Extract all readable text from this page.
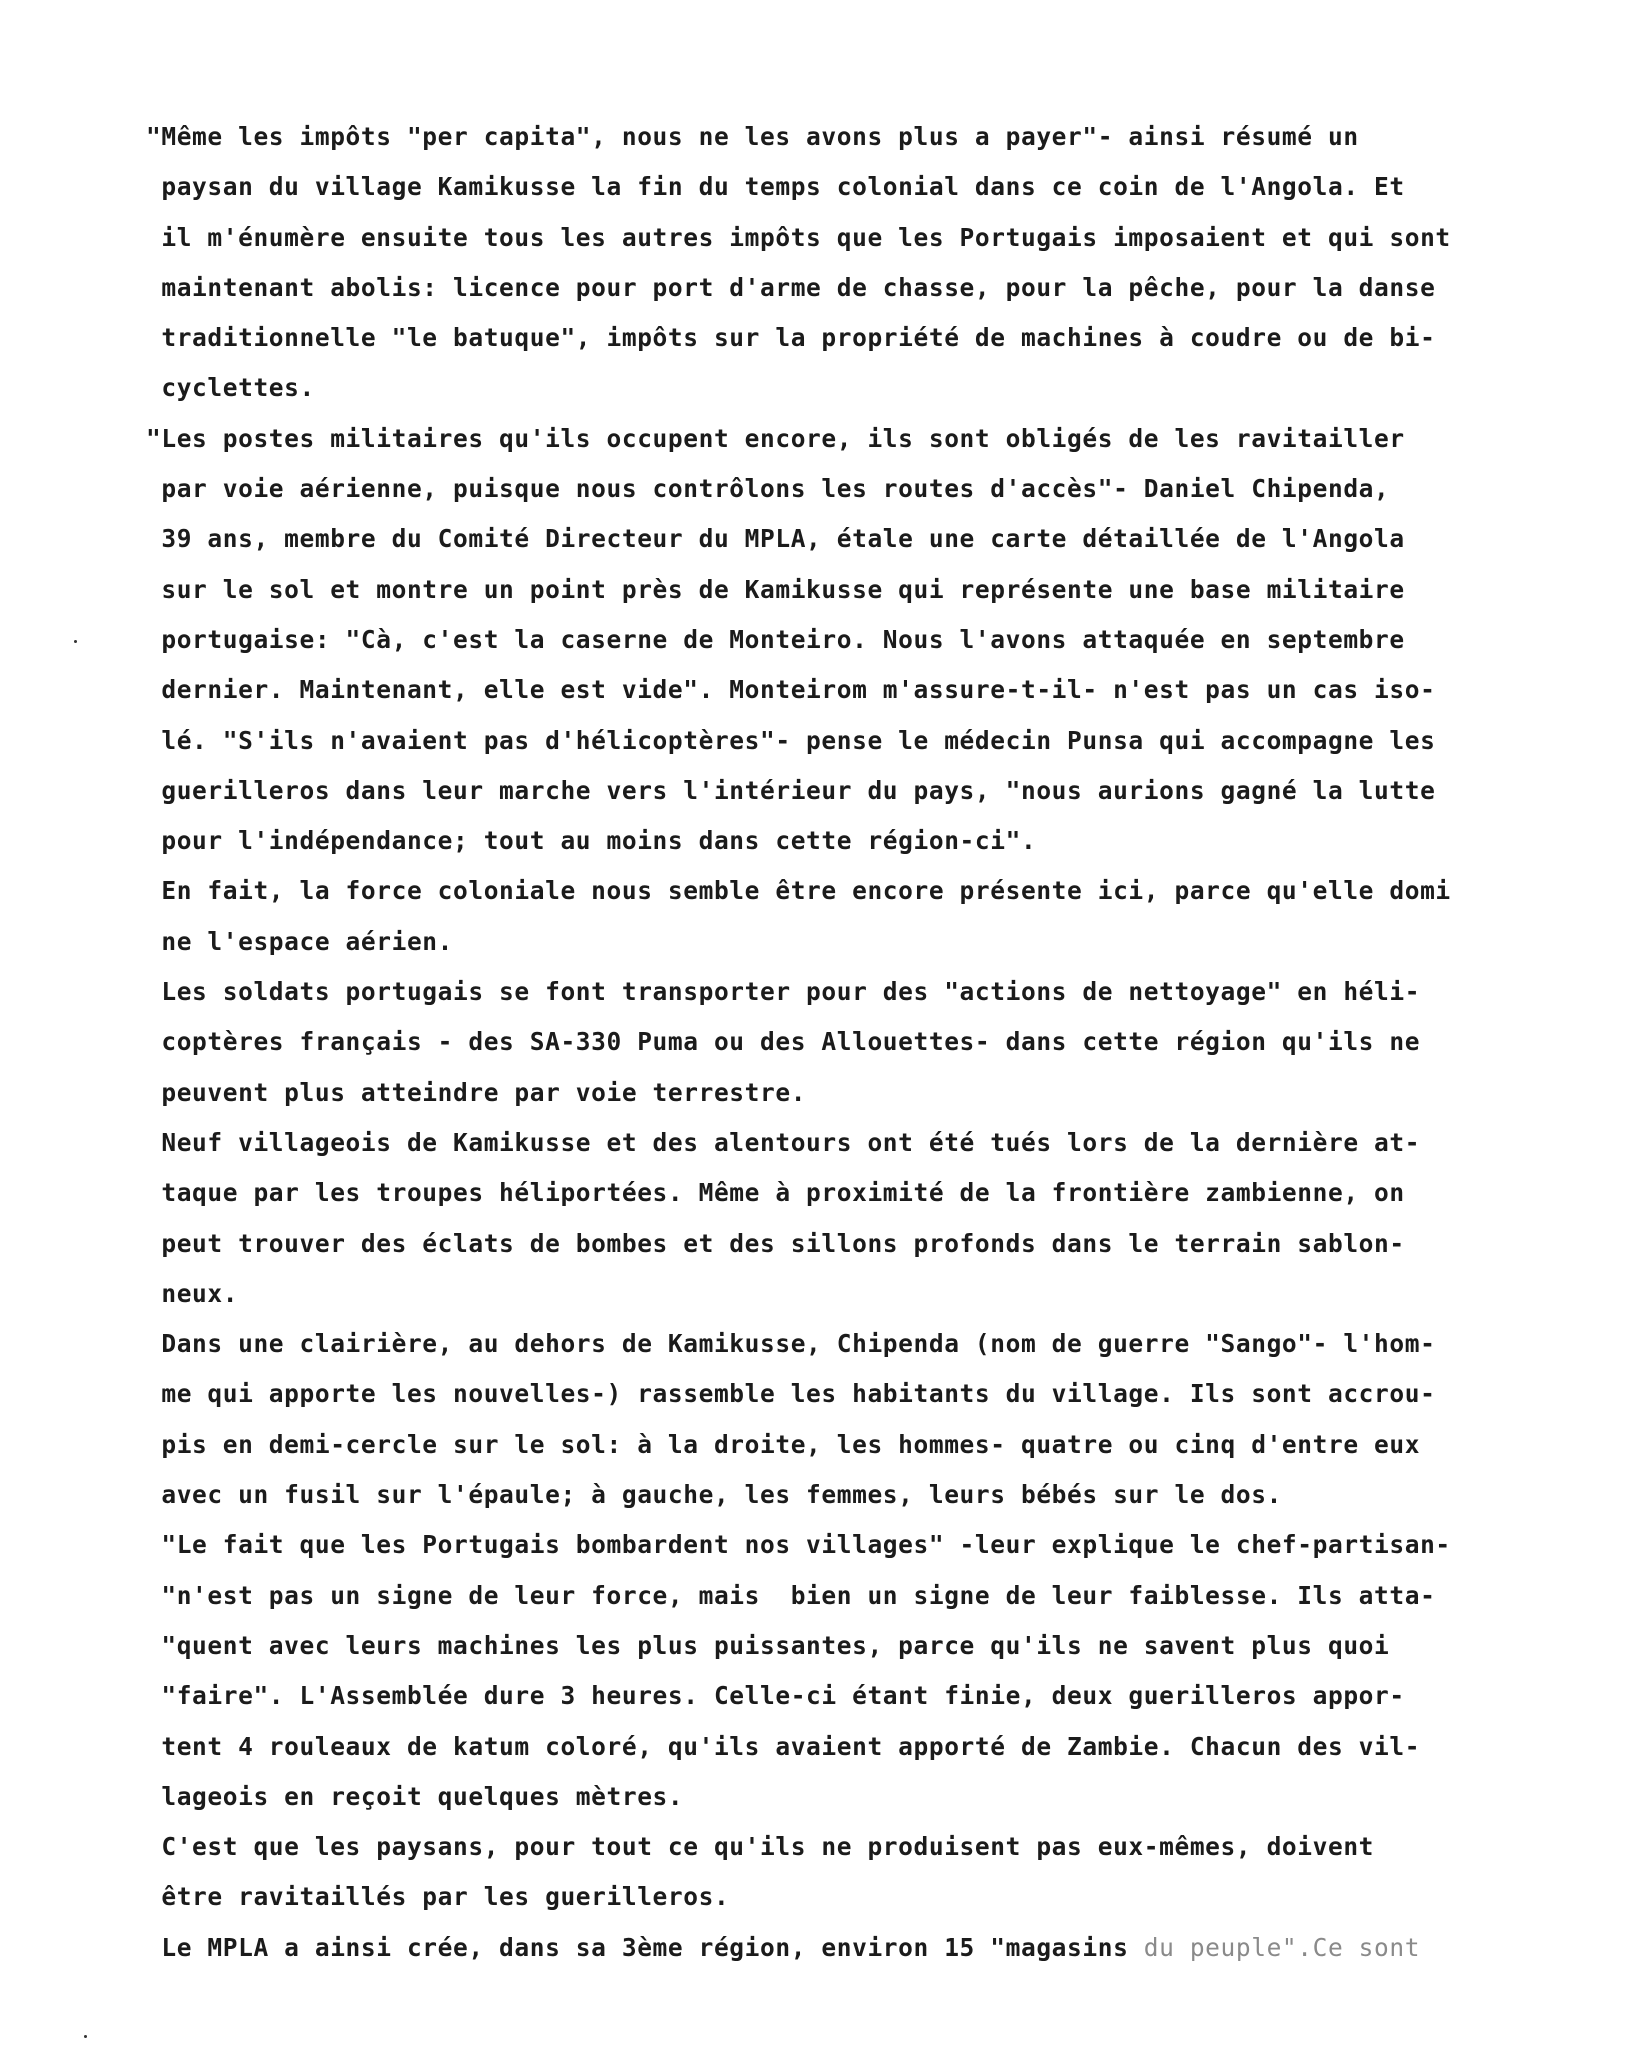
"Même les impôts "per capita", nous ne les avons plus a payer"- ainsi résumé un
paysan du village Kamikusse la fin du temps colonial dans ce coin de l'Angola. Et
il m'énumère ensuite tous les autres impôts que les Portugais imposaient et qui sont
maintenant abolis: licence pour port d'arme de chasse, pour la pêche, pour la danse
traditionnelle "le batuque", impôts sur la propriété de machines à coudre ou de bi-
cyclettes.
"Les postes militaires qu'ils occupent encore, ils sont obligés de les ravitailler
par voie aérienne, puisque nous contrôlons les routes d'accès"- Daniel Chipenda,
39 ans, membre du Comité Directeur du MPLA, étale une carte détaillée de l'Angola
sur le sol et montre un point près de Kamikusse qui représente une base militaire
portugaise: "Cà, c'est la caserne de Monteiro. Nous l'avons attaquée en septembre
dernier. Maintenant, elle est vide". Monteirom m'assure-t-il- n'est pas un cas iso-
lé. "S'ils n'avaient pas d'hélicoptères"- pense le médecin Punsa qui accompagne les
guerilleros dans leur marche vers l'intérieur du pays, "nous aurions gagné la lutte
pour l'indépendance; tout au moins dans cette région-ci".
En fait, la force coloniale nous semble être encore présente ici, parce qu'elle domi
ne l'espace aérien.
Les soldats portugais se font transporter pour des "actions de nettoyage" en héli-
coptères français - des SA-330 Puma ou des Allouettes- dans cette région qu'ils ne
peuvent plus atteindre par voie terrestre.
Neuf villageois de Kamikusse et des alentours ont été tués lors de la dernière at-
taque par les troupes héliportées. Même à proximité de la frontière zambienne, on
peut trouver des éclats de bombes et des sillons profonds dans le terrain sablon-
neux.
Dans une clairière, au dehors de Kamikusse, Chipenda (nom de guerre "Sango"- l'hom-
me qui apporte les nouvelles-) rassemble les habitants du village. Ils sont accrou-
pis en demi-cercle sur le sol: à la droite, les hommes- quatre ou cinq d'entre eux
avec un fusil sur l'épaule; à gauche, les femmes, leurs bébés sur le dos.
"Le fait que les Portugais bombardent nos villages" -leur explique le chef-partisan-
"n'est pas un signe de leur force, mais  bien un signe de leur faiblesse. Ils atta-
"quent avec leurs machines les plus puissantes, parce qu'ils ne savent plus quoi
"faire". L'Assemblée dure 3 heures. Celle-ci étant finie, deux guerilleros appor-
tent 4 rouleaux de katum coloré, qu'ils avaient apporté de Zambie. Chacun des vil-
lageois en reçoit quelques mètres.
C'est que les paysans, pour tout ce qu'ils ne produisent pas eux-mêmes, doivent
être ravitaillés par les guerilleros.
Le MPLA a ainsi crée, dans sa 3ème région, environ 15 "magasins du peuple".Ce sont
